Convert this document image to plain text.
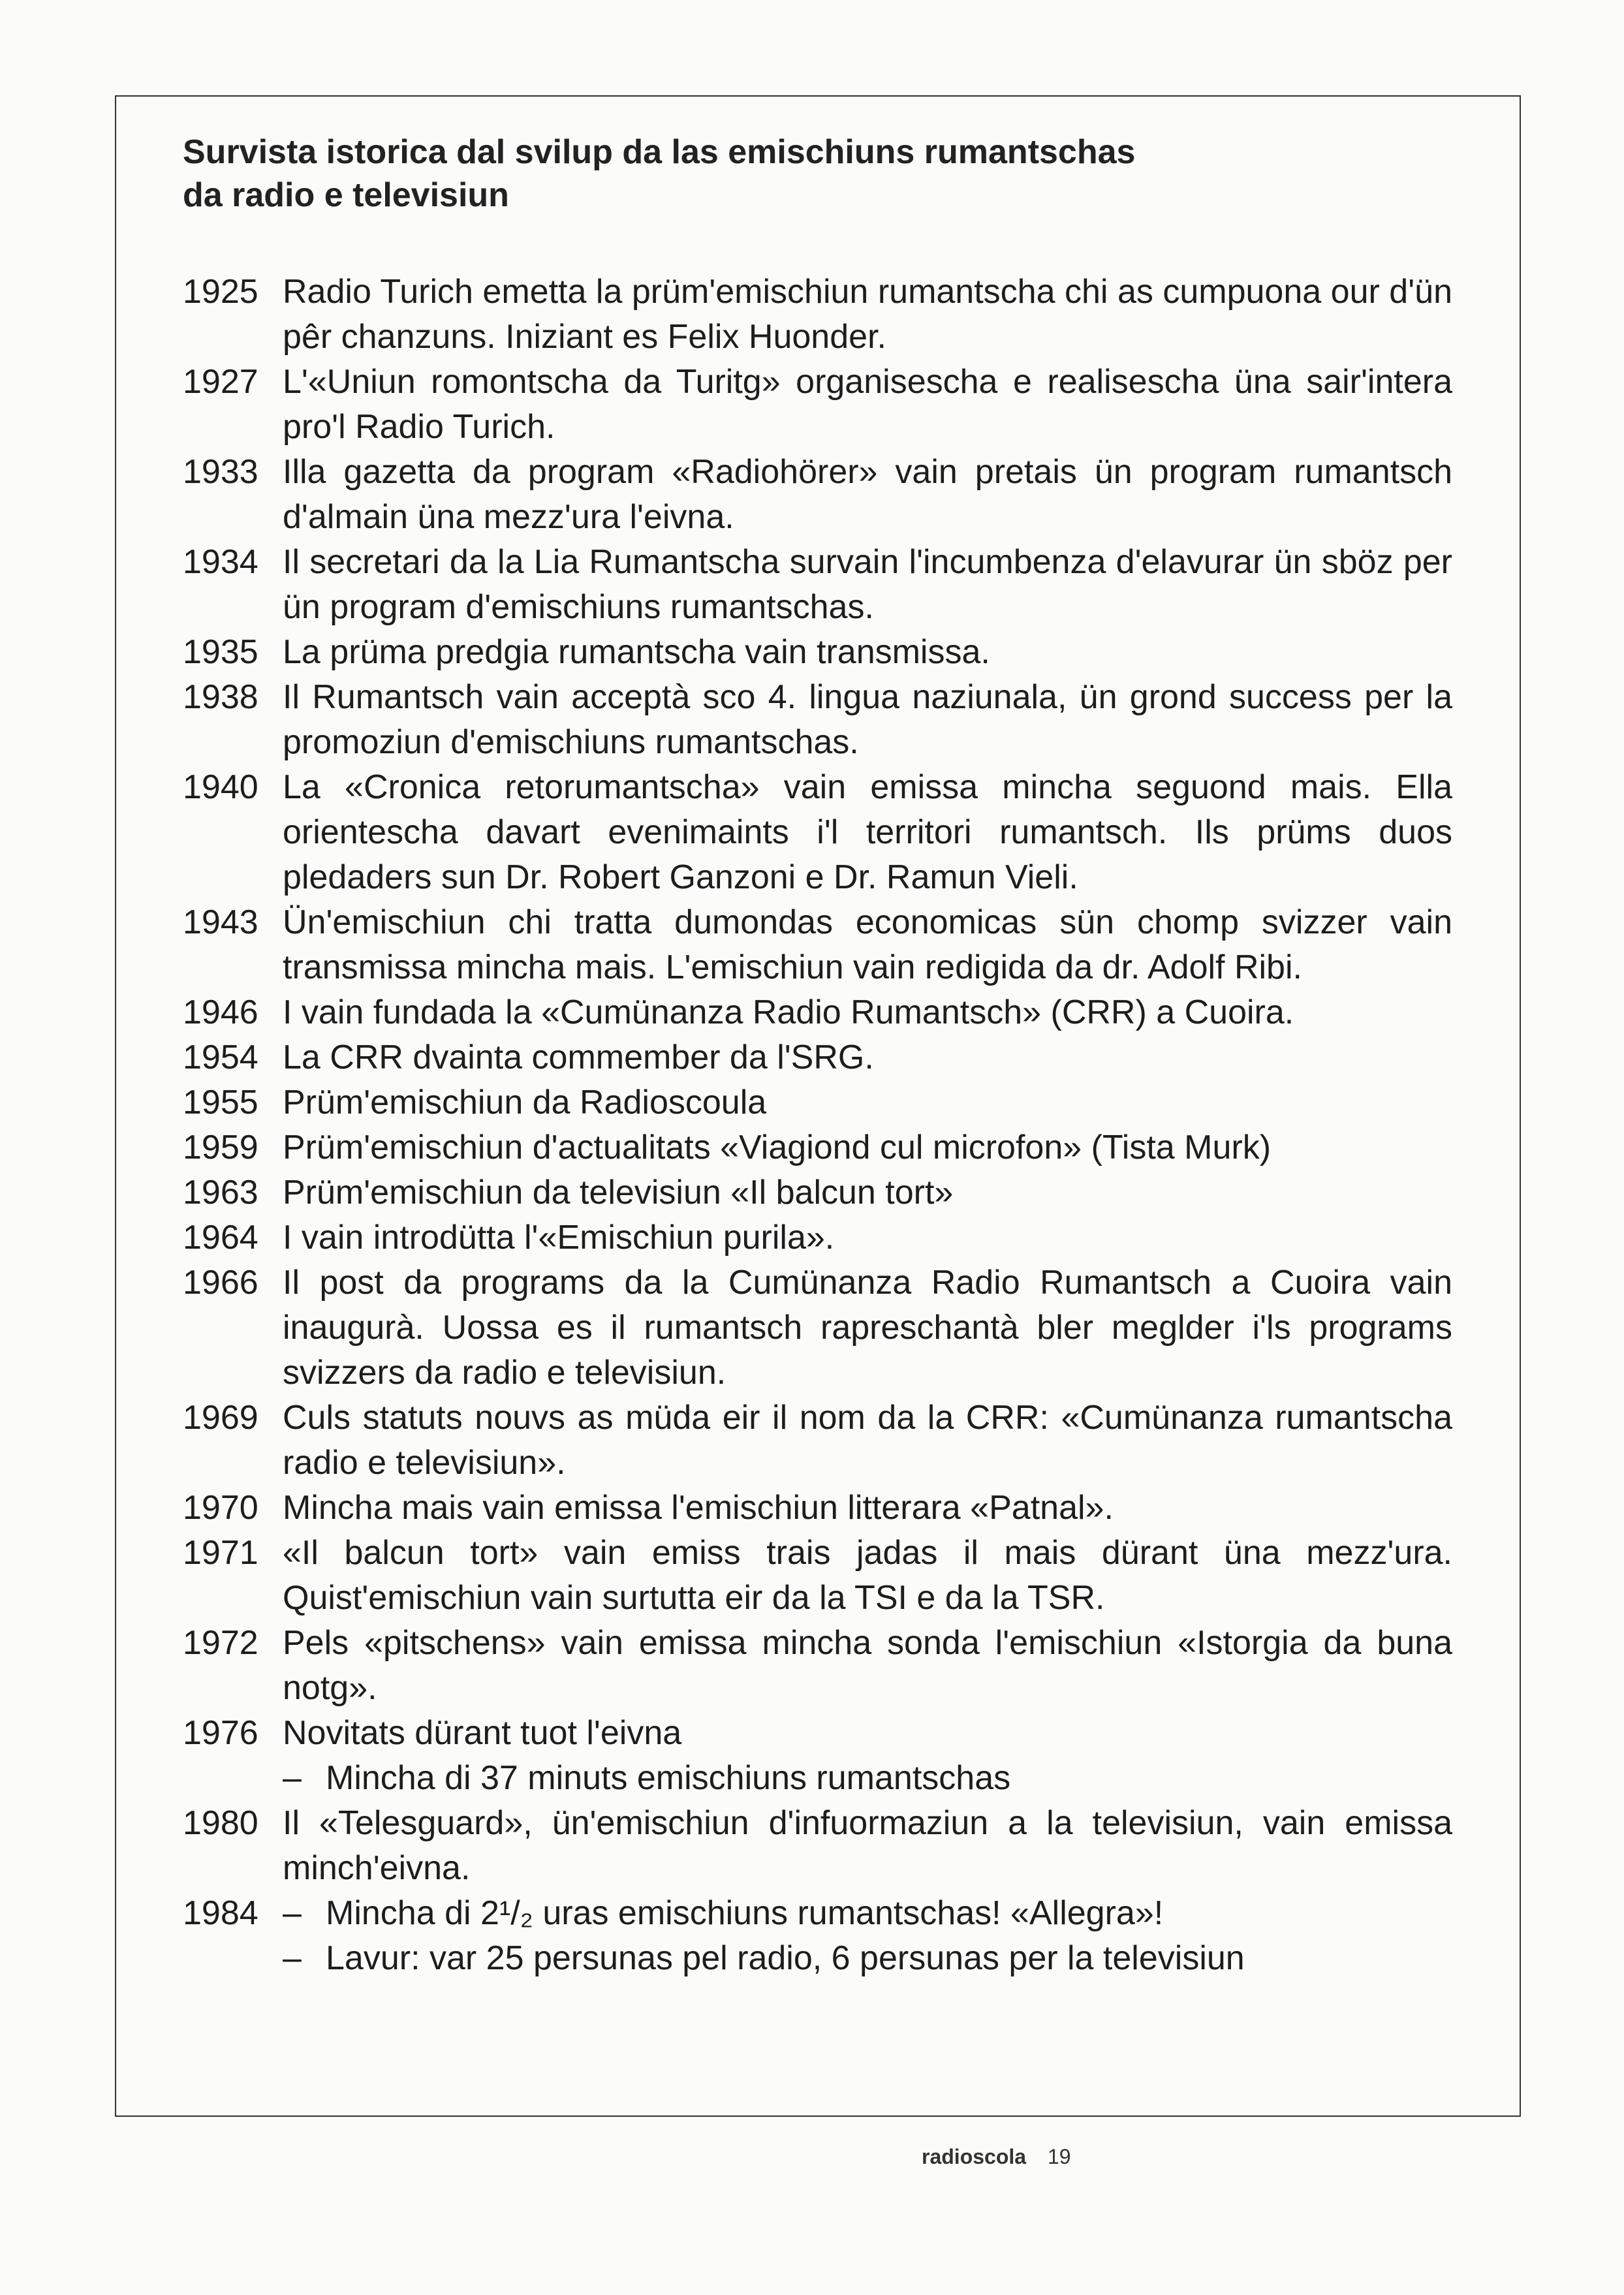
Survista istorica dal svilup da las emischiuns rumantschas
da radio e televisiun
1925 Radio Turich emetta la prüm'emischiun rumantscha chi as cumpuona our d'ün pêr chanzuns. Iniziant es Felix Huonder.
1927 L'«Uniun romontscha da Turitg» organisescha e realisescha üna sair'intera pro'l Radio Turich.
1933 Illa gazetta da program «Radiohörer» vain pretais ün program rumantsch d'almain üna mezz'ura l'eivna.
1934 Il secretari da la Lia Rumantscha survain l'incumbenza d'elavurar ün sböz per ün program d'emischiuns rumantschas.
1935 La prüma predgia rumantscha vain transmissa.
1938 Il Rumantsch vain acceptà sco 4. lingua naziunala, ün grond success per la promoziun d'emischiuns rumantschas.
1940 La «Cronica retorumantscha» vain emissa mincha seguond mais. Ella orientescha davart evenimaints i'l territori rumantsch. Ils prüms duos pledaders sun Dr. Robert Ganzoni e Dr. Ramun Vieli.
1943 Ün'emischiun chi tratta dumondas economicas sün chomp svizzer vain transmissa mincha mais. L'emischiun vain redigida da dr. Adolf Ribi.
1946 I vain fundada la «Cumünanza Radio Rumantsch» (CRR) a Cuoira.
1954 La CRR dvainta commember da l'SRG.
1955 Prüm'emischiun da Radioscoula
1959 Prüm'emischiun d'actualitats «Viagiond cul microfon» (Tista Murk)
1963 Prüm'emischiun da televisiun «Il balcun tort»
1964 I vain introdütta l'«Emischiun purila».
1966 Il post da programs da la Cumünanza Radio Rumantsch a Cuoira vain inaugurà. Uossa es il rumantsch rapreschantà bler meglder i'ls programs svizzers da radio e televisiun.
1969 Culs statuts nouvs as müda eir il nom da la CRR: «Cumünanza rumantscha radio e televisiun».
1970 Mincha mais vain emissa l'emischiun litterara «Patnal».
1971 «Il balcun tort» vain emiss trais jadas il mais dürant üna mezz'ura. Quist'emischiun vain surtutta eir da la TSI e da la TSR.
1972 Pels «pitschens» vain emissa mincha sonda l'emischiun «Istorgia da buna notg».
1976 Novitats dürant tuot l'eivna
– Mincha di 37 minuts emischiuns rumantschas
1980 Il «Telesguard», ün'emischiun d'infuormaziun a la televisiun, vain emissa minch'eivna.
1984
–	Mincha di 2¹/₂ uras emischiuns rumantschas! «Allegra»!
– Lavur: var 25 persunas pel radio, 6 persunas per la televisiun
radioscola 19
